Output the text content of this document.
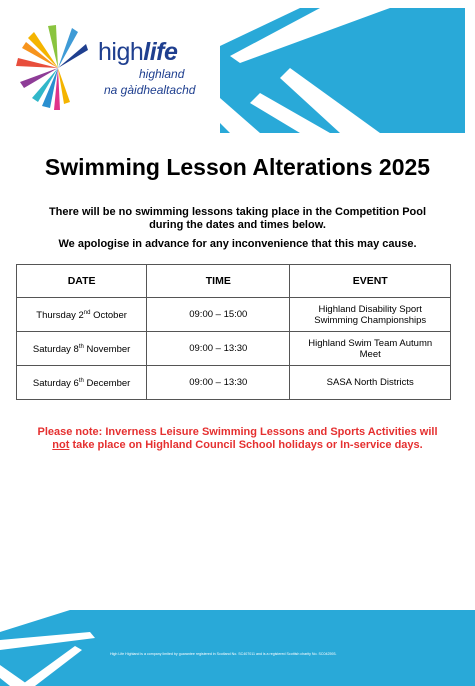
highlife
highland
na gàidhealtachd
Swimming Lesson Alterations 2025
There will be no swimming lessons taking place in the Competition Pool
during the dates and times below.
We apologise in advance for any inconvenience that this may cause.
DATE	TIME	EVENT
Thursday 2nd October	09:00 – 15:00	Highland Disability Sport
Swimming Championships

Saturday 8th November	09:00 – 13:30	Highland Swim Team Autumn
Meet

Saturday 6th December	09:00 – 13:30	SASA North Districts
Please note: Inverness Leisure Swimming Lessons and Sports Activities will
not take place on Highland Council School holidays or In-service days.
High Life Highland is a company limited by guarantee registered in Scotland No. SC407011 and is a registered Scottish charity No. SC042593.
